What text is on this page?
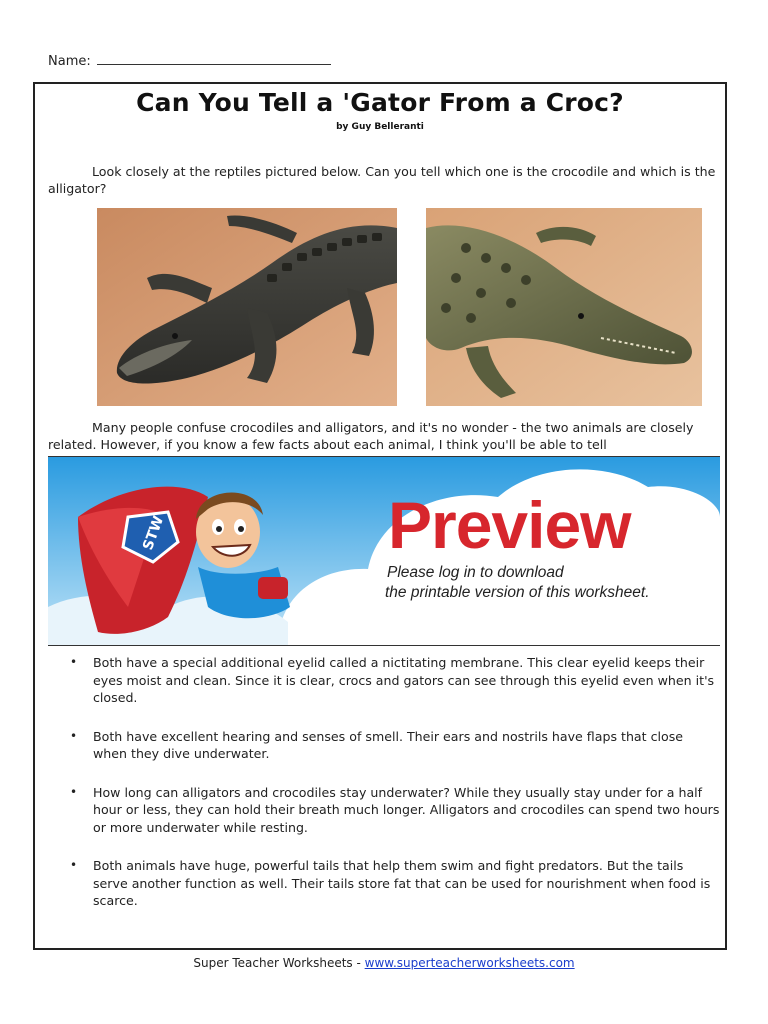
Name:
Can You Tell a 'Gator From a Croc?
by Guy Belleranti
Look closely at the reptiles pictured below. Can you tell which one is the crocodile and which is the alligator?
Many people confuse crocodiles and alligators, and it's no wonder - the two animals are closely related. However, if you know a few facts about each animal, I think you'll be able to tell
STW	Preview
Please log in to download
the printable version of this worksheet.
• Both have a special additional eyelid called a nictitating membrane. This clear eyelid keeps their eyes moist and clean. Since it is clear, crocs and gators can see through this eyelid even when it's closed.
• Both have excellent hearing and senses of smell. Their ears and nostrils have flaps that close when they dive underwater.
• How long can alligators and crocodiles stay underwater? While they usually stay under for a half hour or less, they can hold their breath much longer. Alligators and crocodiles can spend two hours or more underwater while resting.
• Both animals have huge, powerful tails that help them swim and fight predators. But the tails serve another function as well. Their tails store fat that can be used for nourishment when food is scarce.
Super Teacher Worksheets - www.superteacherworksheets.com
